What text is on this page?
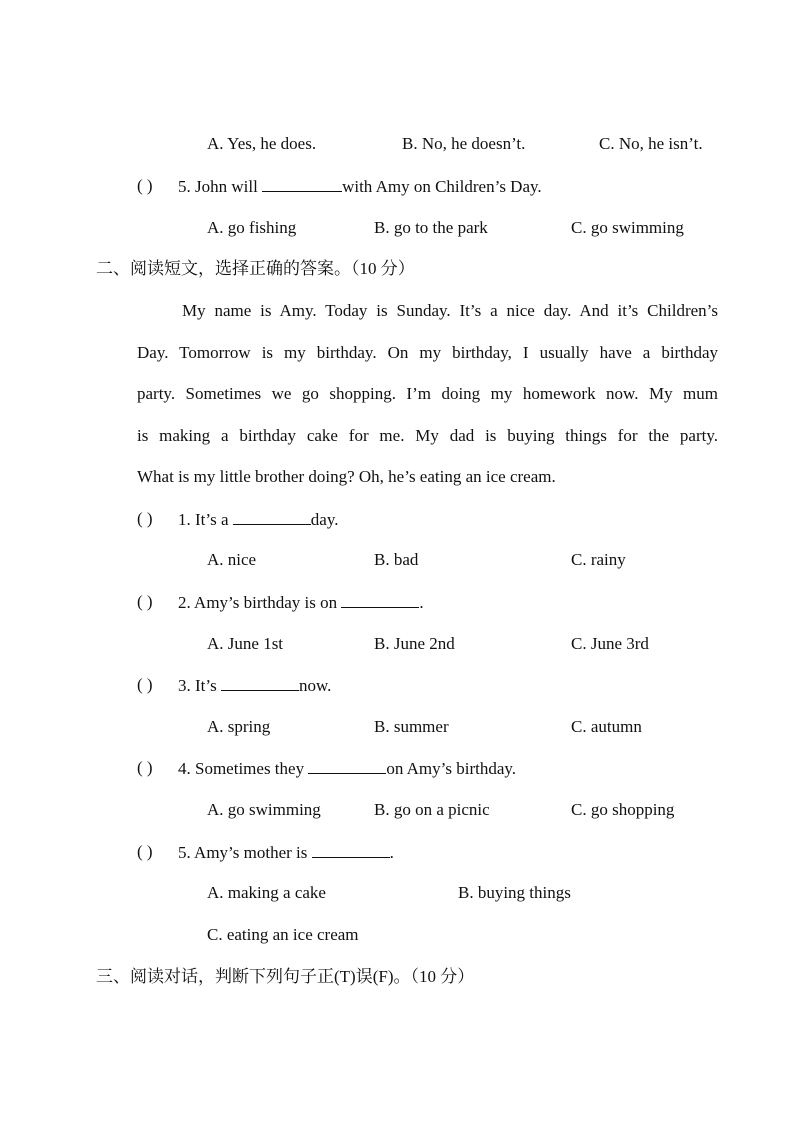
A. Yes, he does.	B. No, he doesn’t.	C. No, he isn’t.
( ) 5. John will	with Amy on Children’s Day.
A. go fishing	B. go to the park	C. go swimming
二、阅读短文，选择正确的答案。（10 分）
My name is Amy. Today is Sunday. It’s a nice day. And it’s Children’s
Day. Tomorrow is my birthday. On my birthday, I usually have a birthday
party. Sometimes we go shopping. I’m doing my homework now. My mum
is making a birthday cake for me. My dad is buying things for the party.
What is my little brother doing? Oh, he’s eating an ice cream.
( ) 1. It’s a	day.
A. nice	B. bad	C. rainy
( ) 2. Amy’s birthday is on	.
A. June 1st	B. June 2nd	C. June 3rd
( ) 3. It’s	now.
A. spring	B. summer	C. autumn
( ) 4. Sometimes they	on Amy’s birthday.
A. go swimming	B. go on a picnic	C. go shopping
( ) 5. Amy’s mother is	.
A. making a cake	B. buying things
C. eating an ice cream
三、阅读对话，判断下列句子正(T)误(F)。（10 分）
